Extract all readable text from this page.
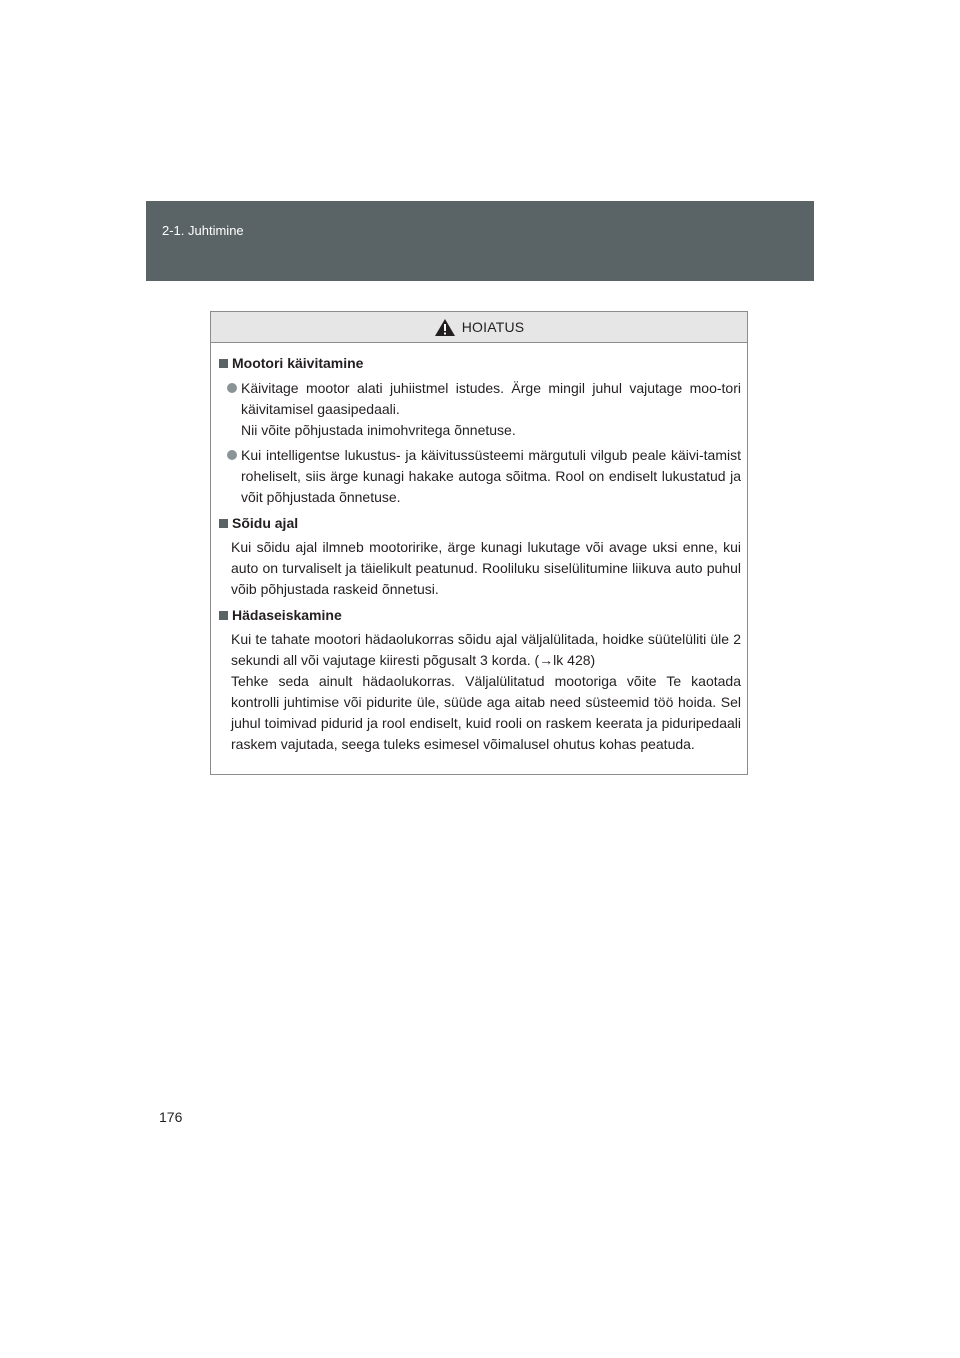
2-1. Juhtimine
HOIATUS
Mootori käivitamine
Käivitage mootor alati juhiistmel istudes. Ärge mingil juhul vajutage moo-tori käivitamisel gaasipedaali.
Nii võite põhjustada inimohvritega õnnetuse.
Kui intelligentse lukustus- ja käivitussüsteemi märgutuli vilgub peale käivi-tamist roheliselt, siis ärge kunagi hakake autoga sõitma. Rool on endiselt lukustatud ja võit põhjustada õnnetuse.
Sõidu ajal
Kui sõidu ajal ilmneb mootoririke, ärge kunagi lukutage või avage uksi enne, kui auto on turvaliselt ja täielikult peatunud. Rooliluku siselülitumine liikuva auto puhul võib põhjustada raskeid õnnetusi.
Hädaseiskamine
Kui te tahate mootori hädaolukorras sõidu ajal väljalülitada, hoidke süütelüliti üle 2 sekundi all või vajutage kiiresti põgusalt 3 korda. (→lk 428)
Tehke seda ainult hädaolukorras. Väljalülitatud mootoriga võite Te kaotada kontrolli juhtimise või pidurite üle, süüde aga aitab need süsteemid töö hoida. Sel juhul toimivad pidurid ja rool endiselt, kuid rooli on raskem keerata ja piduripedaali raskem vajutada, seega tuleks esimesel võimalusel ohutus kohas peatuda.
176
